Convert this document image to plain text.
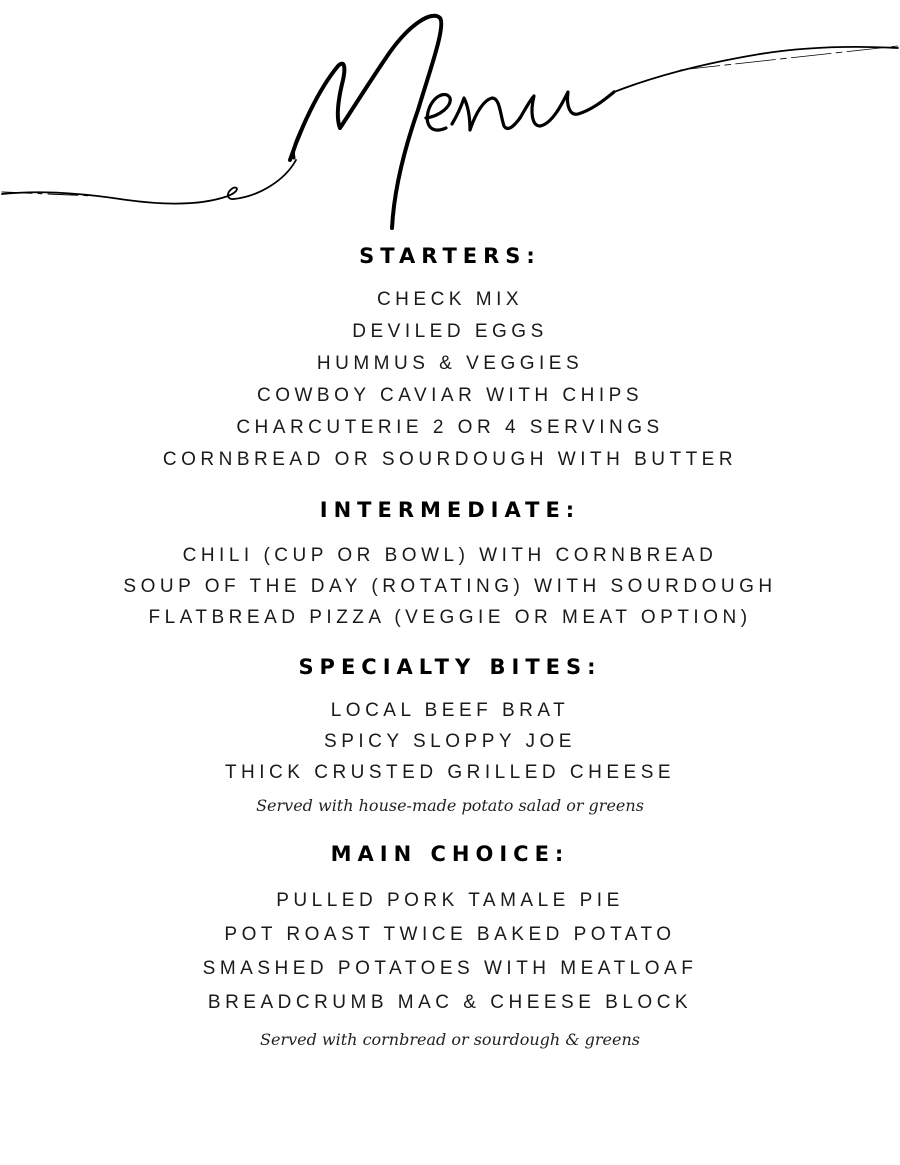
STARTERS:

CHECK MIX

DEVILED EGGS

HUMMUS & VEGGIES

COWBOY CAVIAR WITH CHIPS

CHARCUTERIE 2 OR 4 SERVINGS

CORNBREAD OR SOURDOUGH WITH BUTTER

INTERMEDIATE:

CHILI (CUP OR BOWL) WITH CORNBREAD

SOUP OF THE DAY (ROTATING) WITH SOURDOUGH

FLATBREAD PIZZA (VEGGIE OR MEAT OPTION)

SPECIALTY BITES:

LOCAL BEEF BRAT

SPICY SLOPPY JOE

THICK CRUSTED GRILLED CHEESE

Served with house-made potato salad or greens

MAIN CHOICE:

PULLED PORK TAMALE PIE

POT ROAST TWICE BAKED POTATO

SMASHED POTATOES WITH MEATLOAF

BREADCRUMB MAC & CHEESE BLOCK

Served with cornbread or sourdough & greens
